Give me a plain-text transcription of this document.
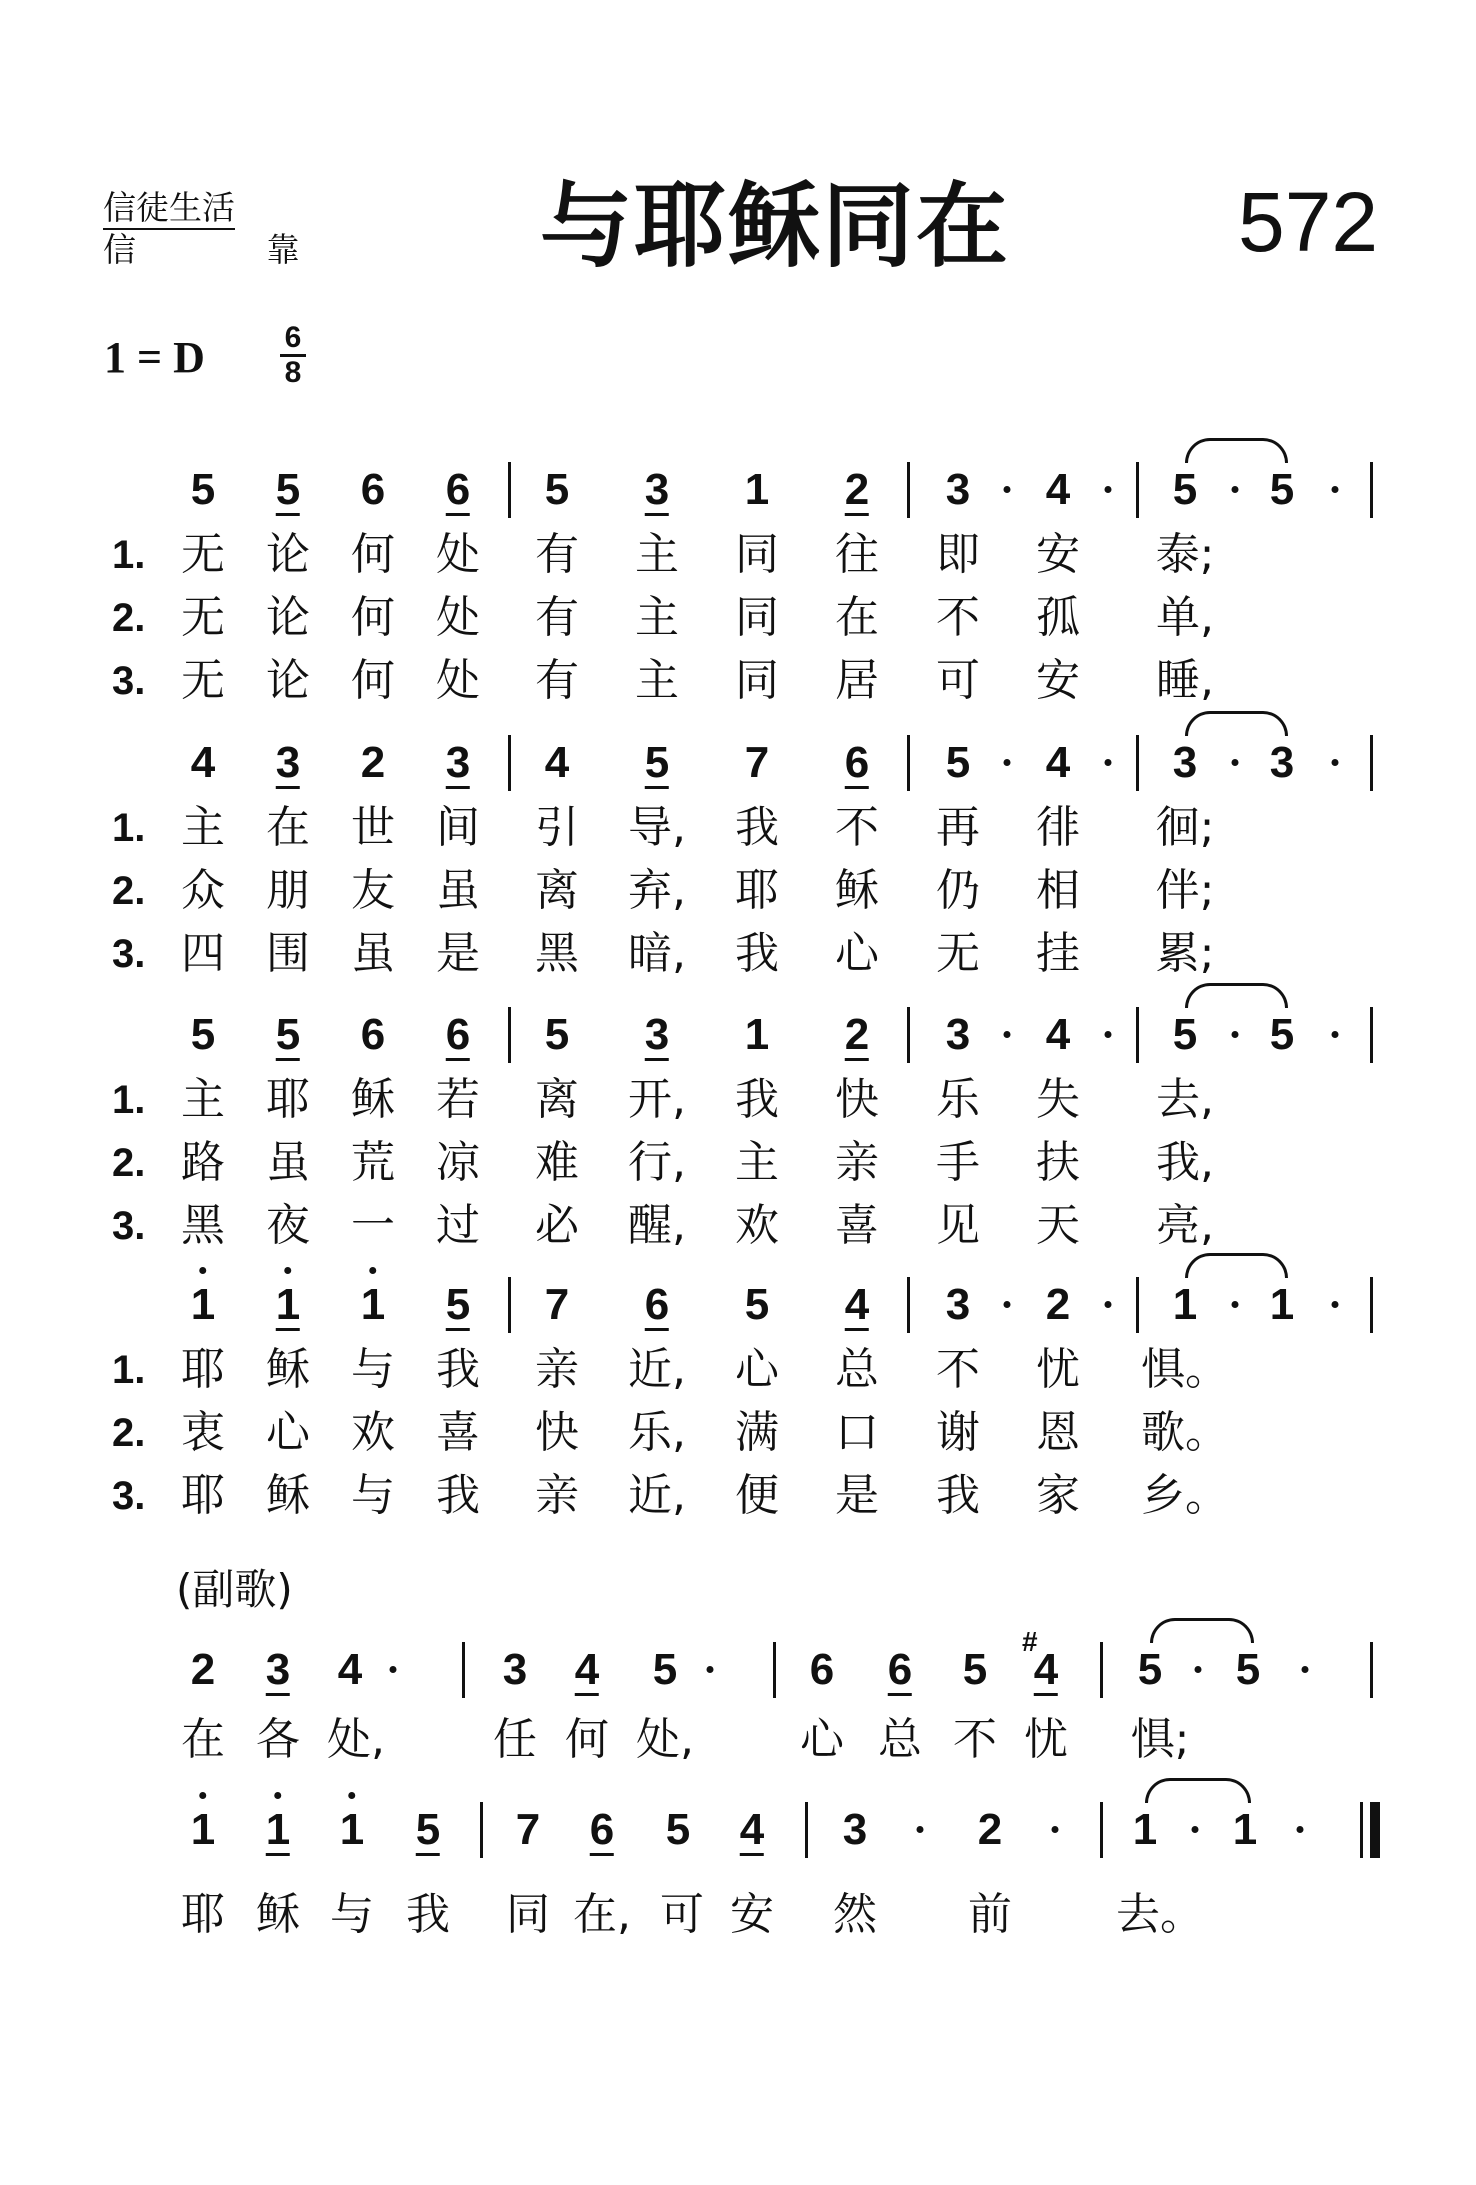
信徒生活
信 靠 与耶稣同在	572
1 = D	$\frac{6}{8}$
5 5 6 6 5 3 1 2 3 4 5 5
1. 无 论 何 处 有 主 同 往 即 安 泰;
2. 无 论 何 处 有 主 同 在 不 孤 单,
3. 无 论 何 处 有 主 同 居 可 安 睡,
4 3 2 3 4 5 7 6 5 4 3 3
1. 主 在 世 间 引 导, 我 不 再 徘 徊;
2. 众 朋 友 虽 离 弃, 耶 稣 仍 相 伴;
3. 四 围 虽 是 黑 暗, 我 心 无 挂 累;
5 5 6 6 5 3 1 2 3 4 5 5
1. 主 耶 稣 若 离 开, 我 快 乐 失 去,
2. 路 虽 荒 凉 难 行, 主 亲 手 扶 我,
3. 黑 夜 一 过 必 醒, 欢 喜 见 天 亮,
1 1 1 5 7 6 5 4 3 2 1 1
1. 耶 稣 与 我 亲 近, 心 总 不 忧 惧。
2. 衷 心 欢 喜 快 乐, 满 口 谢 恩 歌。
3. 耶 稣 与 我 亲 近, 便 是 我 家 乡。
2 3 4	3 4 5	6 6 5
#
4 5 5
在 各 处, 任 何 处, 心 总 不 忧 惧;
1 1 1 5 7 6 5 4 3	2	1 1
耶 稣 与 我 同 在, 可 安 然 前 去。
(副歌)
